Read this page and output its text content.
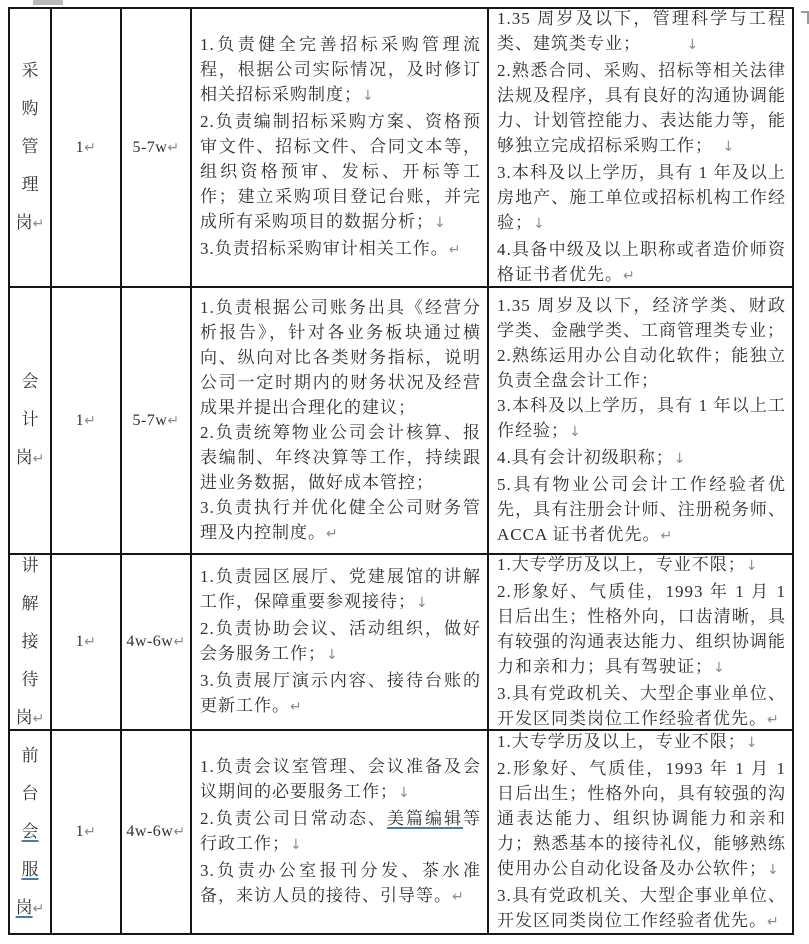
采
购
管
理
岗↵
1↵ 5-7w↵
1.负责健全完善招标采购管理流程，根据公司实际情况，及时修订相关招标采购制度；↓
2.负责编制招标采购方案、资格预审文件、招标文件、合同文本等，组织资格预审、发标、开标等工作；建立采购项目登记台账，并完成所有采购项目的数据分析；↓
3.负责招标采购审计相关工作。↵
1.35 周岁及以下，管理科学与工程类、建筑类专业；　　　↓
2.熟悉合同、采购、招标等相关法律法规及程序，具有良好的沟通协调能力、计划管控能力、表达能力等，能够独立完成招标采购工作；　↓
3.本科及以上学历，具有 1 年及以上房地产、施工单位或招标机构工作经验；↓
4.具备中级及以上职称或者造价师资格证书者优先。↵
会
计
岗↵
1↵ 5-7w↵
1.负责根据公司账务出具《经营分析报告》，针对各业务板块通过横向、纵向对比各类财务指标，说明公司一定时期内的财务状况及经营成果并提出合理化的建议；
2.负责统筹物业公司会计核算、报表编制、年终决算等工作，持续跟进业务数据，做好成本管控；
3.负责执行并优化健全公司财务管理及内控制度。↵
1.35 周岁及以下，经济学类、财政学类、金融学类、工商管理类专业；
2.熟练运用办公自动化软件；能独立负责全盘会计工作；
3.本科及以上学历，具有 1 年以上工作经验；↓
4.具有会计初级职称；↓
5.具有物业公司会计工作经验者优先，具有注册会计师、注册税务师、ACCA 证书者优先。↵
讲
解
接
待
岗↵
1↵ 4w-6w↵
1.负责园区展厅、党建展馆的讲解工作，保障重要参观接待；↓
2.负责协助会议、活动组织，做好会务服务工作；↓
3.负责展厅演示内容、接待台账的更新工作。↵
1.大专学历及以上，专业不限；↓
2.形象好、气质佳，1993 年 1 月 1 日后出生；性格外向，口齿清晰，具有较强的沟通表达能力、组织协调能力和亲和力；具有驾驶证；↓
3.具有党政机关、大型企事业单位、开发区同类岗位工作经验者优先。↵
前
台
会
服
岗↵
1↵ 4w-6w↵
1.负责会议室管理、会议准备及会议期间的必要服务工作；↓
2.负责公司日常动态、美篇编辑等行政工作；↓
3.负责办公室报刊分发、茶水准备，来访人员的接待、引导等。↵
1.大专学历及以上，专业不限；↓
2.形象好、气质佳，1993 年 1 月 1 日后出生；性格外向，具有较强的沟通表达能力、组织协调能力和亲和力；熟悉基本的接待礼仪，能够熟练使用办公自动化设备及办公软件；↓
3.具有党政机关、大型企事业单位、开发区同类岗位工作经验者优先。↵
